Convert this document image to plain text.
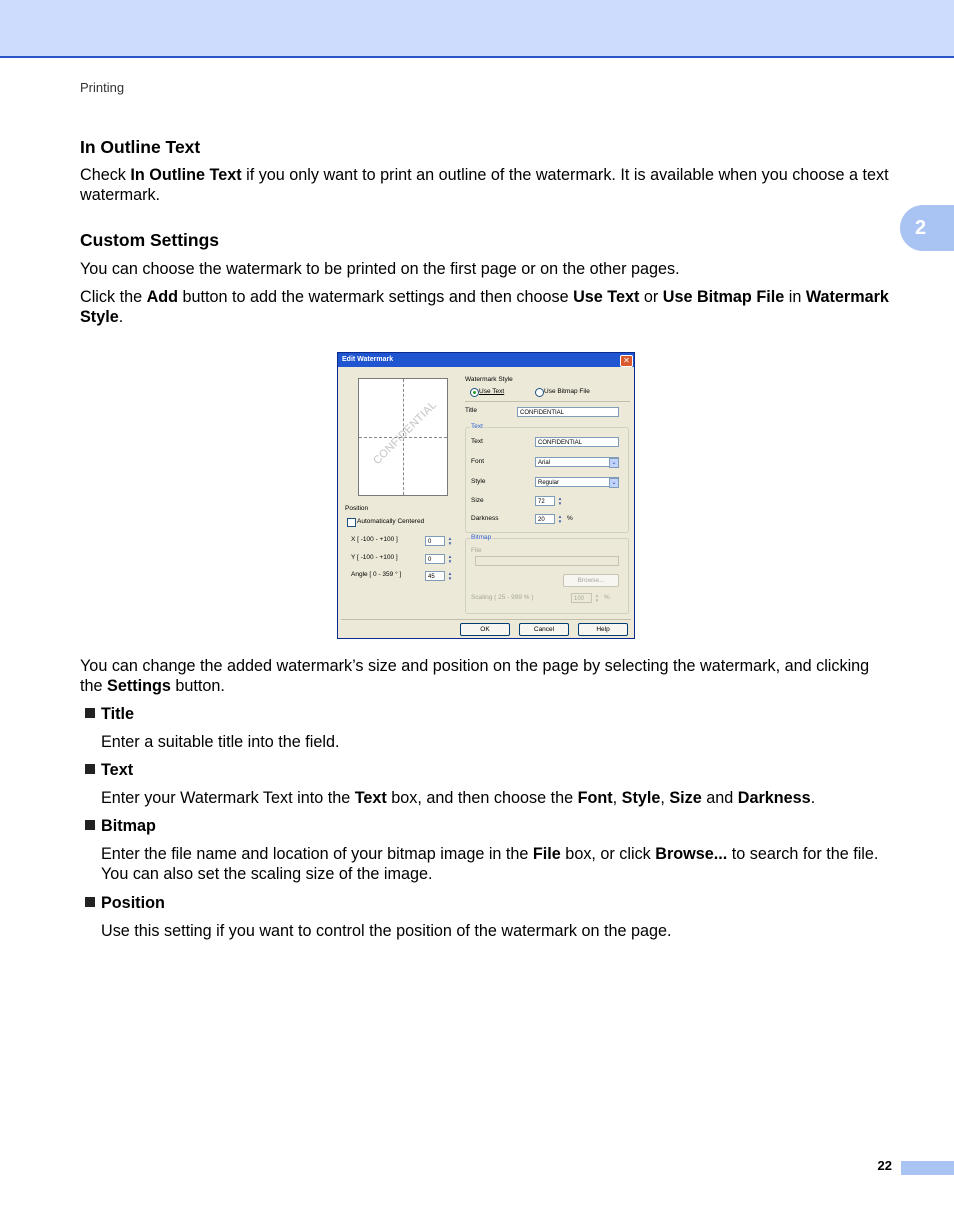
Printing
2
In Outline Text

Check In Outline Text if you only want to print an outline of the watermark. It is available when you choose a text watermark.

Custom Settings

You can choose the watermark to be printed on the first page or on the other pages.

Click the Add button to add the watermark settings and then choose Use Text or Use Bitmap File in Watermark Style.

Edit Watermark	✕
CONFIDENTIAL
Position
Automatically Centered
X [ -100 - +100 ]	0
▲
▼
Y [ -100 - +100 ]	0
▲
▼
Angle [ 0 - 359 ° ]	45
▲
▼
Watermark Style
Use Text	Use Bitmap File
Title	CONFIDENTIAL
Text
Text	CONFIDENTIAL
Font	Arial	⌄
Style	Regular	⌄
Size	72
▲
▼
Darkness	20
▲
▼ %
Bitmap
File
Browse...
Scaling ( 25 - 999 % )	100
▲
▼ %
OK	Cancel	Help

You can change the added watermark’s size and position on the page by selecting the watermark, and clicking the Settings button.

Title

Enter a suitable title into the field.

Text

Enter your Watermark Text into the Text box, and then choose the Font, Style, Size and Darkness.

Bitmap

Enter the file name and location of your bitmap image in the File box, or click Browse... to search for the file. You can also set the scaling size of the image.

Position

Use this setting if you want to control the position of the watermark on the page.

22
